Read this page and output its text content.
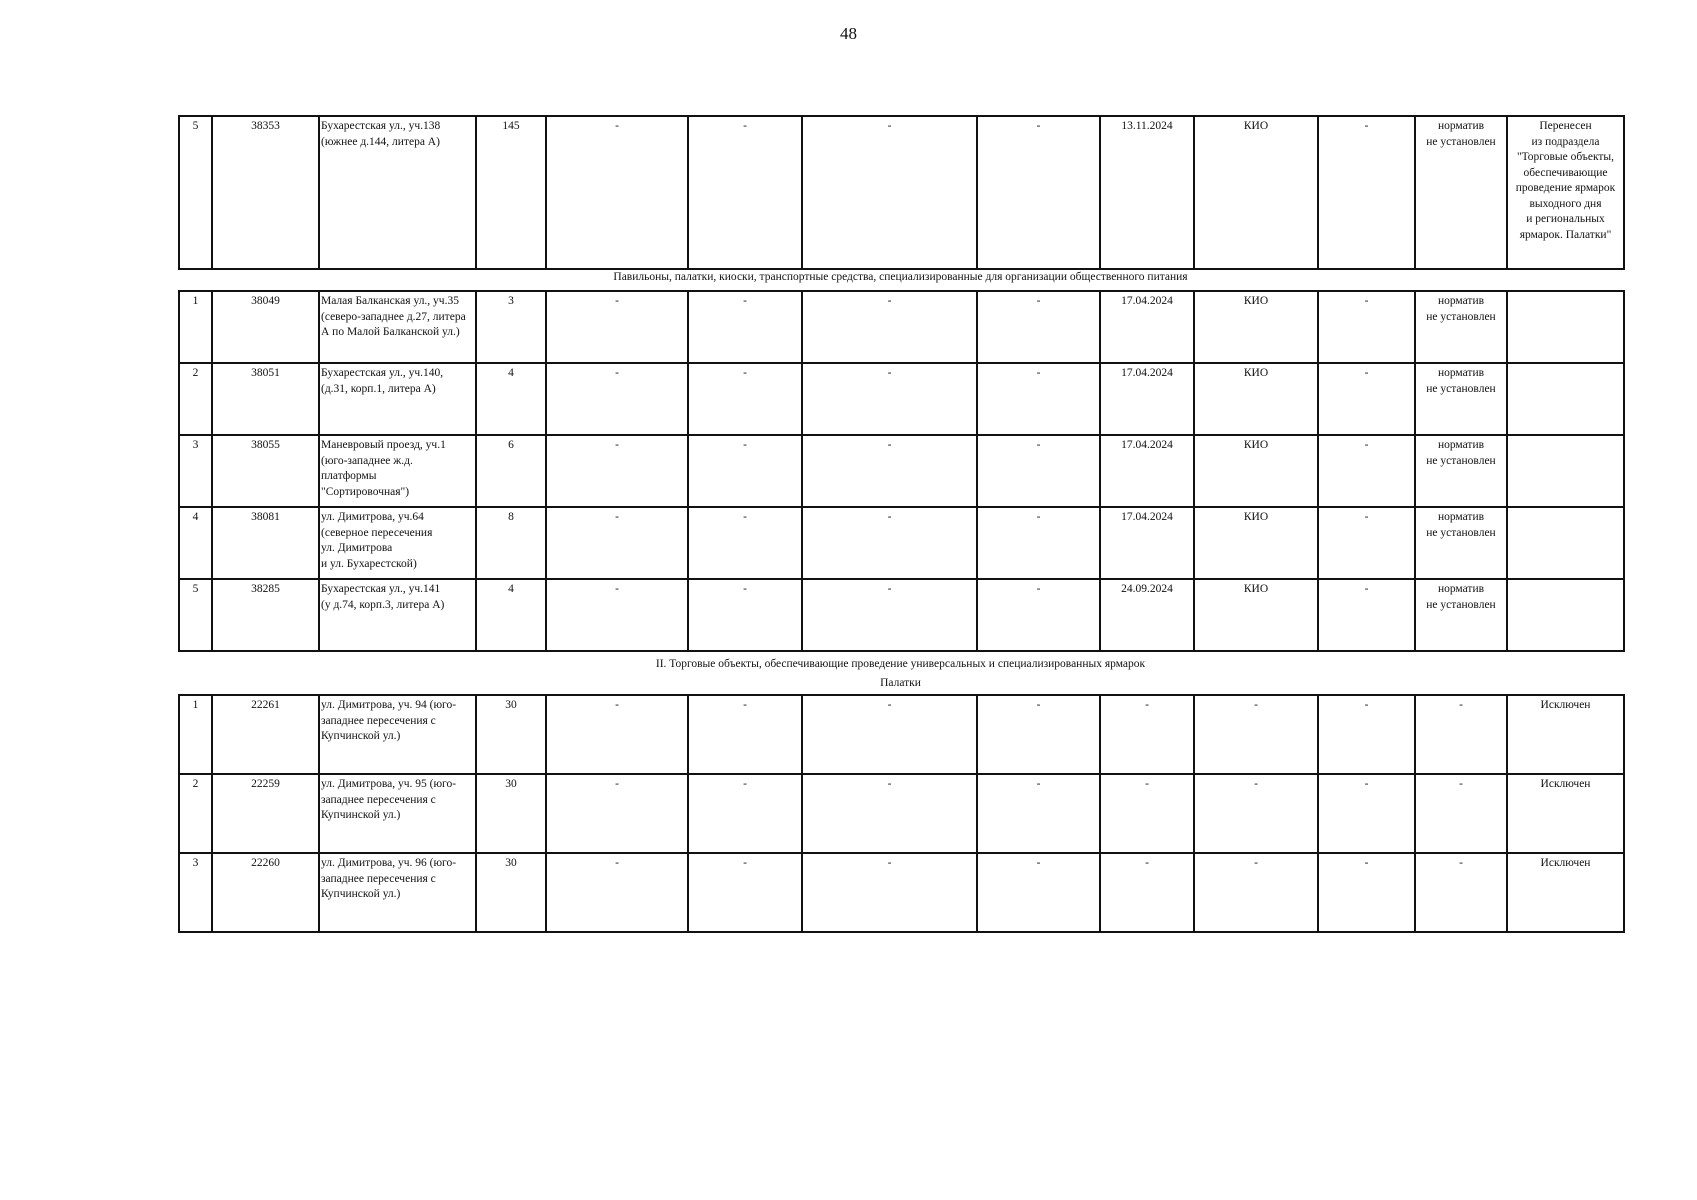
48
5	38353	Бухарестская ул., уч.138
(южнее д.144, литера А)	145	-	-	-	-	13.11.2024	КИО	-	норматив
не установлен	Перенесен
из подраздела
"Торговые объекты,
обеспечивающие
проведение ярмарок
выходного дня
и региональных
ярмарок. Палатки"
Павильоны, палатки, киоски, транспортные средства, специализированные для организации общественного питания
1	38049	Малая Балканская ул., уч.35
(северо-западнее д.27, литера
А по Малой Балканской ул.)	3	-	-	-	-	17.04.2024	КИО	-	норматив
не установлен	
2	38051	Бухарестская ул., уч.140,
(д.31, корп.1, литера А)	4	-	-	-	-	17.04.2024	КИО	-	норматив
не установлен	
3	38055	Маневровый проезд, уч.1
(юго-западнее ж.д.
платформы
"Сортировочная")	6	-	-	-	-	17.04.2024	КИО	-	норматив
не установлен	
4	38081	ул. Димитрова, уч.64
(северное пересечения
ул. Димитрова
и ул. Бухарестской)	8	-	-	-	-	17.04.2024	КИО	-	норматив
не установлен	
5	38285	Бухарестская ул., уч.141
(у д.74, корп.3, литера А)	4	-	-	-	-	24.09.2024	КИО	-	норматив
не установлен	
II. Торговые объекты, обеспечивающие проведение универсальных и специализированных ярмарок
Палатки
1	22261	ул. Димитрова, уч. 94 (юго-
западнее пересечения с
Купчинской ул.)	30	-	-	-	-	-	-	-	-	Исключен
2	22259	ул. Димитрова, уч. 95 (юго-
западнее пересечения с
Купчинской ул.)	30	-	-	-	-	-	-	-	-	Исключен
3	22260	ул. Димитрова, уч. 96 (юго-
западнее пересечения с
Купчинской ул.)	30	-	-	-	-	-	-	-	-	Исключен
